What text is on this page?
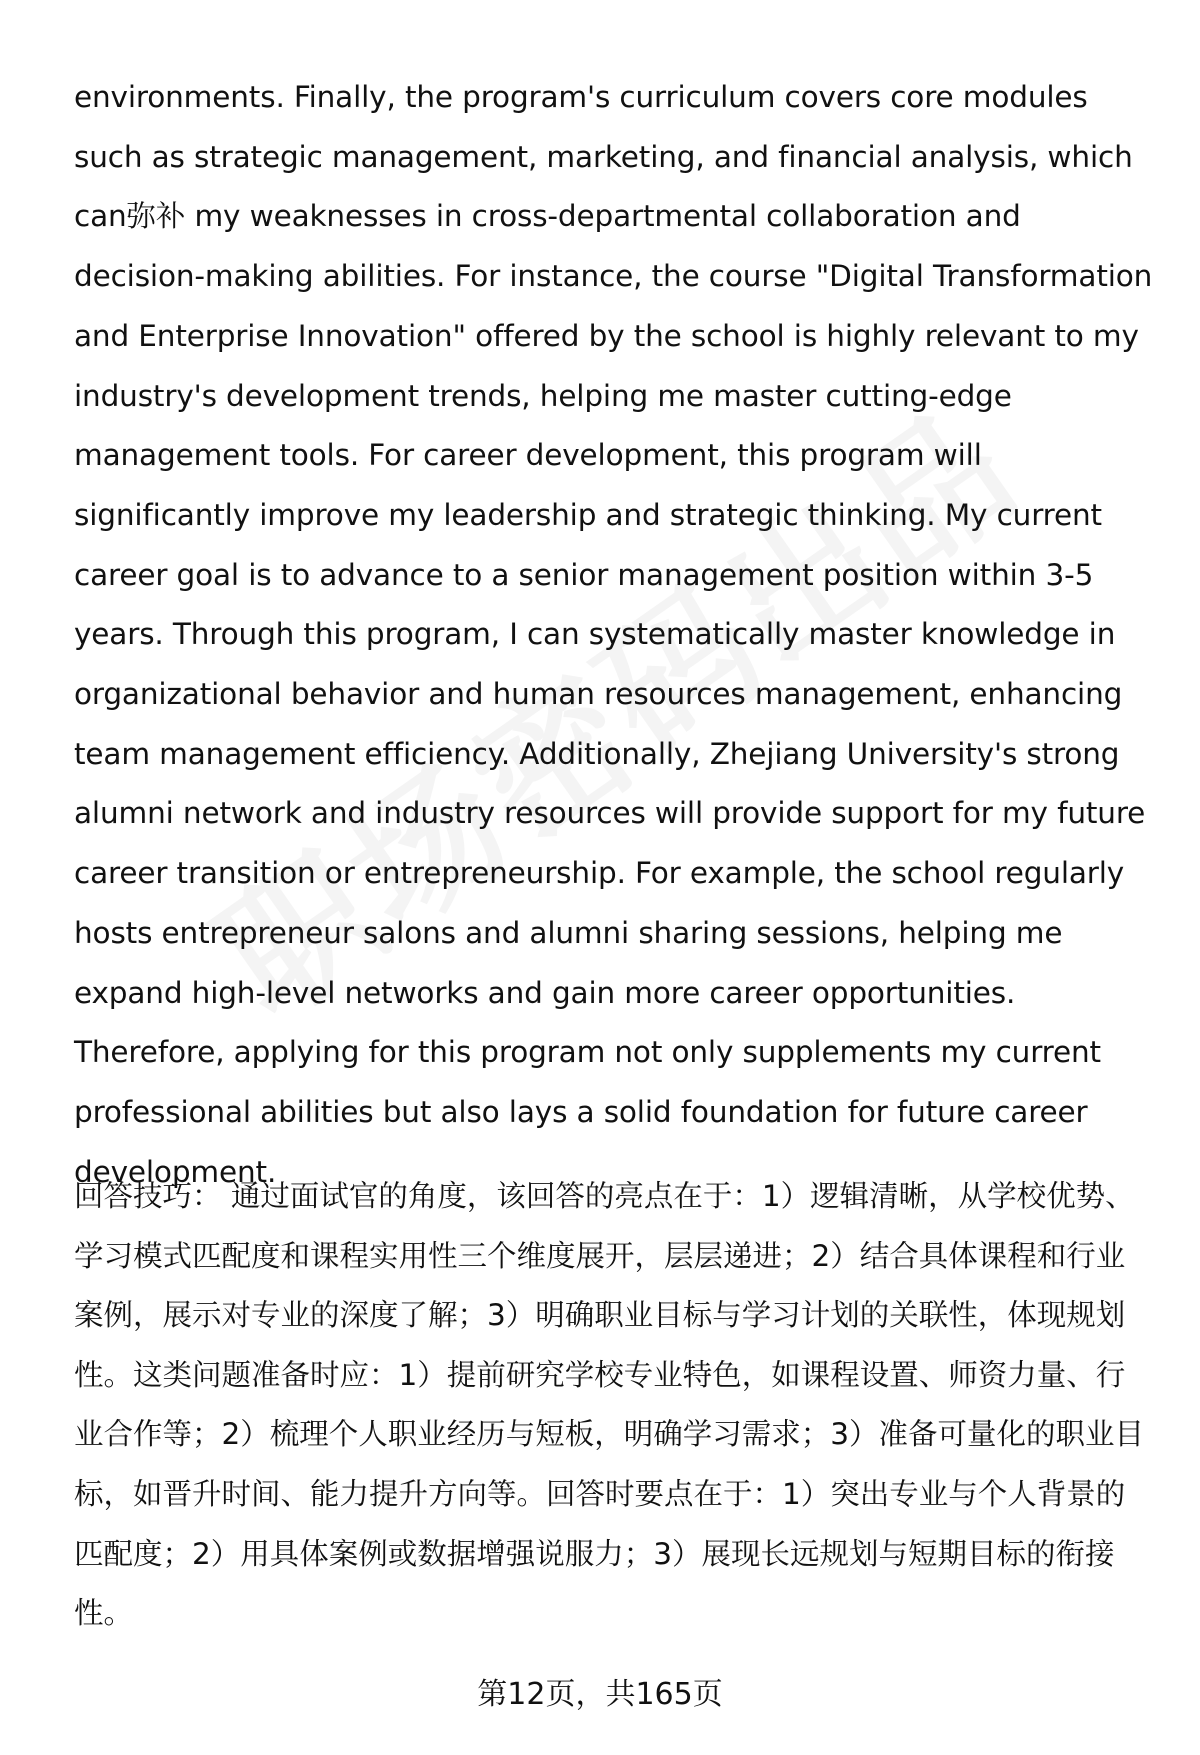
environments. Finally, the program's curriculum covers core modules such as strategic management, marketing, and financial analysis, which can弥补 my weaknesses in cross-departmental collaboration and decision-making abilities. For instance, the course "Digital Transformation and Enterprise Innovation" offered by the school is highly relevant to my industry's development trends, helping me master cutting-edge management tools. For career development, this program will significantly improve my leadership and strategic thinking. My current career goal is to advance to a senior management position within 3-5 years. Through this program, I can systematically master knowledge in organizational behavior and human resources management, enhancing team management efficiency. Additionally, Zhejiang University's strong alumni network and industry resources will provide support for my future career transition or entrepreneurship. For example, the school regularly hosts entrepreneur salons and alumni sharing sessions, helping me expand high-level networks and gain more career opportunities. Therefore, applying for this program not only supplements my current professional abilities but also lays a solid foundation for future career development.

回答技巧： 通过面试官的角度，该回答的亮点在于：1）逻辑清晰，从学校优势、学习模式匹配度和课程实用性三个维度展开，层层递进；2）结合具体课程和行业案例，展示对专业的深度了解；3）明确职业目标与学习计划的关联性，体现规划性。这类问题准备时应：1）提前研究学校专业特色，如课程设置、师资力量、行业合作等；2）梳理个人职业经历与短板，明确学习需求；3）准备可量化的职业目标，如晋升时间、能力提升方向等。回答时要点在于：1）突出专业与个人背景的匹配度；2）用具体案例或数据增强说服力；3）展现长远规划与短期目标的衔接性。

第12页，共165页
